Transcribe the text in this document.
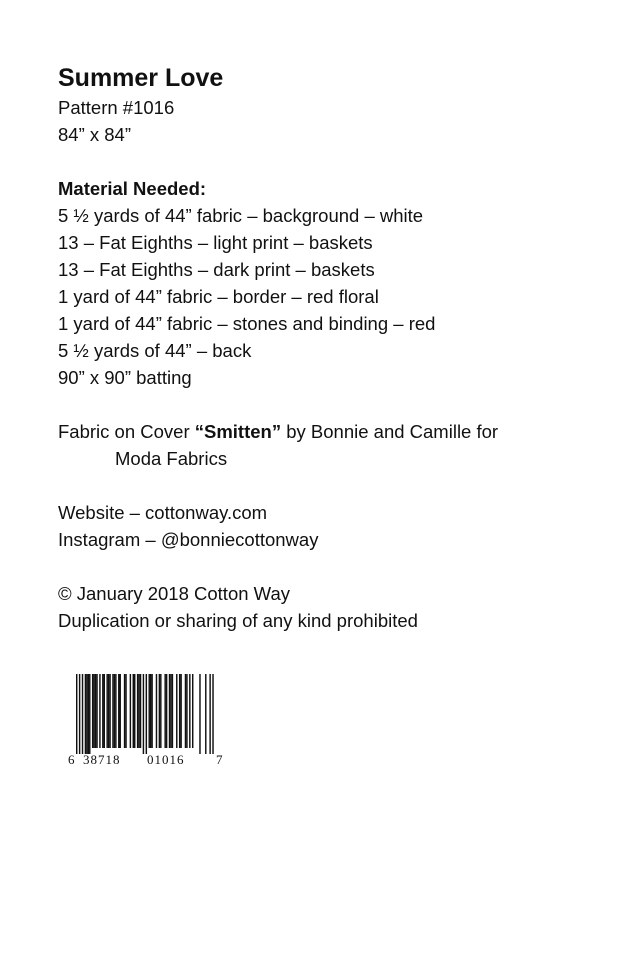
Summer Love
Pattern #1016
84” x 84”
Material Needed:
5 ½ yards of 44” fabric – background – white
13 – Fat Eighths – light print – baskets
13 – Fat Eighths – dark print – baskets
1 yard of 44” fabric – border – red floral
1 yard of 44” fabric – stones and binding – red
5 ½ yards of 44” – back
90” x 90” batting
Fabric on Cover “Smitten” by Bonnie and Camille for
Moda Fabrics
Website – cottonway.com
Instagram – @bonniecottonway
© January 2018 Cotton Way
Duplication or sharing of any kind prohibited
6 38718 01016 7
